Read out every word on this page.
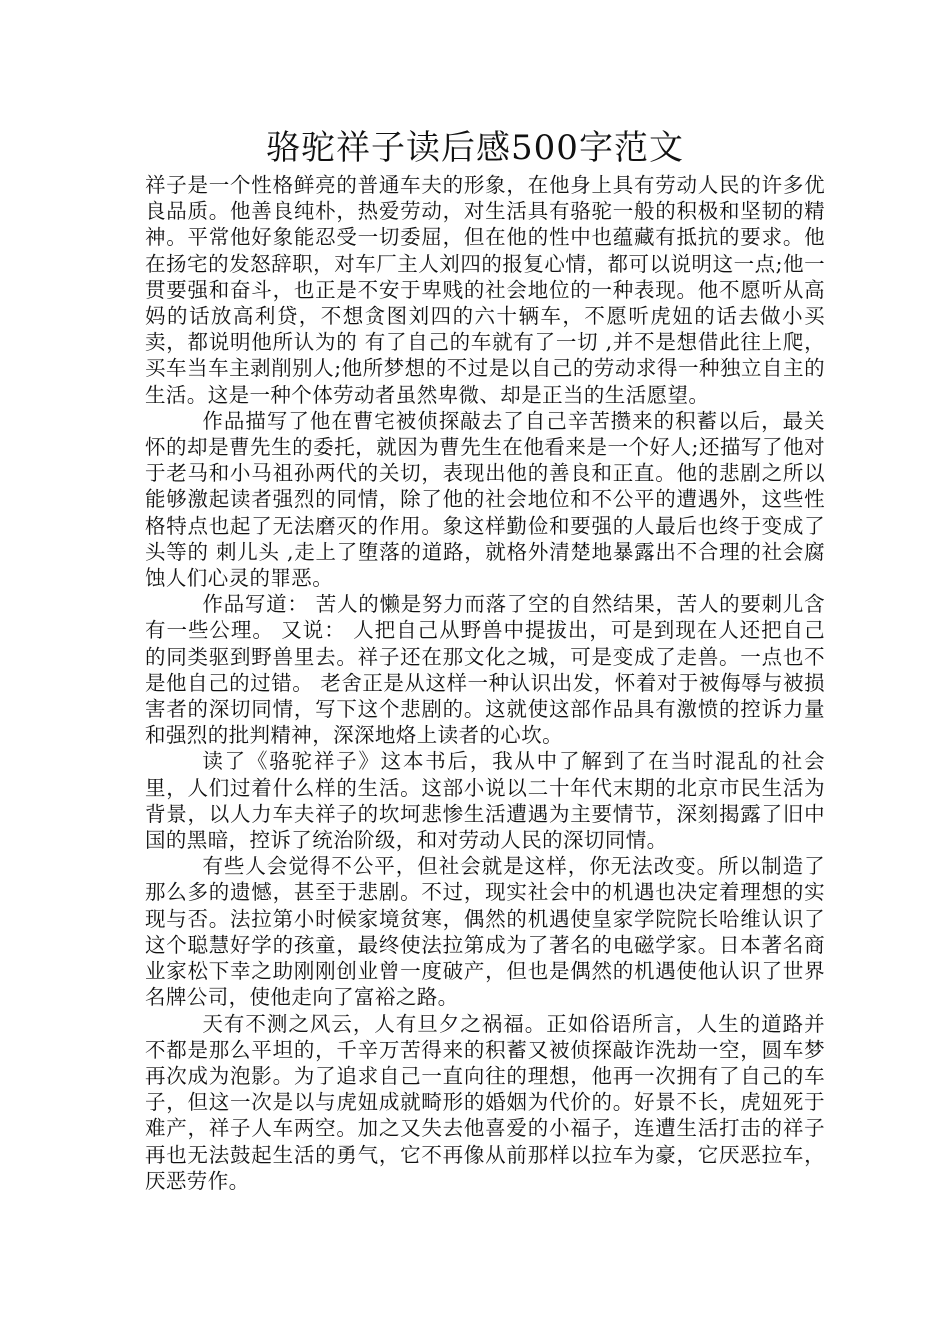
骆驼祥子读后感500字范文

祥子是一个性格鲜亮的普通车夫的形象，在他身上具有劳动人民的许多优良品质。他善良纯朴，热爱劳动，对生活具有骆驼一般的积极和坚韧的精神。平常他好象能忍受一切委屈，但在他的性中也蕴藏有抵抗的要求。他在扬宅的发怒辞职，对车厂主人刘四的报复心情，都可以说明这一点;他一贯要强和奋斗，也正是不安于卑贱的社会地位的一种表现。他不愿听从高妈的话放高利贷，不想贪图刘四的六十辆车，不愿听虎妞的话去做小买卖，都说明他所认为的 有了自己的车就有了一切 ,并不是想借此往上爬，买车当车主剥削别人;他所梦想的不过是以自己的劳动求得一种独立自主的生活。这是一种个体劳动者虽然卑微、却是正当的生活愿望。

作品描写了他在曹宅被侦探敲去了自己辛苦攒来的积蓄以后，最关怀的却是曹先生的委托，就因为曹先生在他看来是一个好人;还描写了他对于老马和小马祖孙两代的关切，表现出他的善良和正直。他的悲剧之所以能够激起读者强烈的同情，除了他的社会地位和不公平的遭遇外，这些性格特点也起了无法磨灭的作用。象这样勤俭和要强的人最后也终于变成了头等的 刺儿头 ,走上了堕落的道路，就格外清楚地暴露出不合理的社会腐蚀人们心灵的罪恶。

作品写道： 苦人的懒是努力而落了空的自然结果，苦人的要刺儿含有一些公理。 又说： 人把自己从野兽中提拔出，可是到现在人还把自己的同类驱到野兽里去。祥子还在那文化之城，可是变成了走兽。一点也不是他自己的过错。 老舍正是从这样一种认识出发，怀着对于被侮辱与被损害者的深切同情，写下这个悲剧的。这就使这部作品具有激愤的控诉力量和强烈的批判精神，深深地烙上读者的心坎。

读了《骆驼祥子》这本书后，我从中了解到了在当时混乱的社会里，人们过着什么样的生活。这部小说以二十年代末期的北京市民生活为背景，以人力车夫祥子的坎坷悲惨生活遭遇为主要情节，深刻揭露了旧中国的黑暗，控诉了统治阶级，和对劳动人民的深切同情。

有些人会觉得不公平，但社会就是这样，你无法改变。所以制造了那么多的遗憾，甚至于悲剧。不过，现实社会中的机遇也决定着理想的实现与否。法拉第小时候家境贫寒，偶然的机遇使皇家学院院长哈维认识了这个聪慧好学的孩童，最终使法拉第成为了著名的电磁学家。日本著名商业家松下幸之助刚刚创业曾一度破产，但也是偶然的机遇使他认识了世界名牌公司，使他走向了富裕之路。

天有不测之风云，人有旦夕之祸福。正如俗语所言，人生的道路并不都是那么平坦的，千辛万苦得来的积蓄又被侦探敲诈洗劫一空，圆车梦再次成为泡影。为了追求自己一直向往的理想，他再一次拥有了自己的车子，但这一次是以与虎妞成就畸形的婚姻为代价的。好景不长，虎妞死于难产，祥子人车两空。加之又失去他喜爱的小福子，连遭生活打击的祥子再也无法鼓起生活的勇气，它不再像从前那样以拉车为豪，它厌恶拉车，厌恶劳作。
